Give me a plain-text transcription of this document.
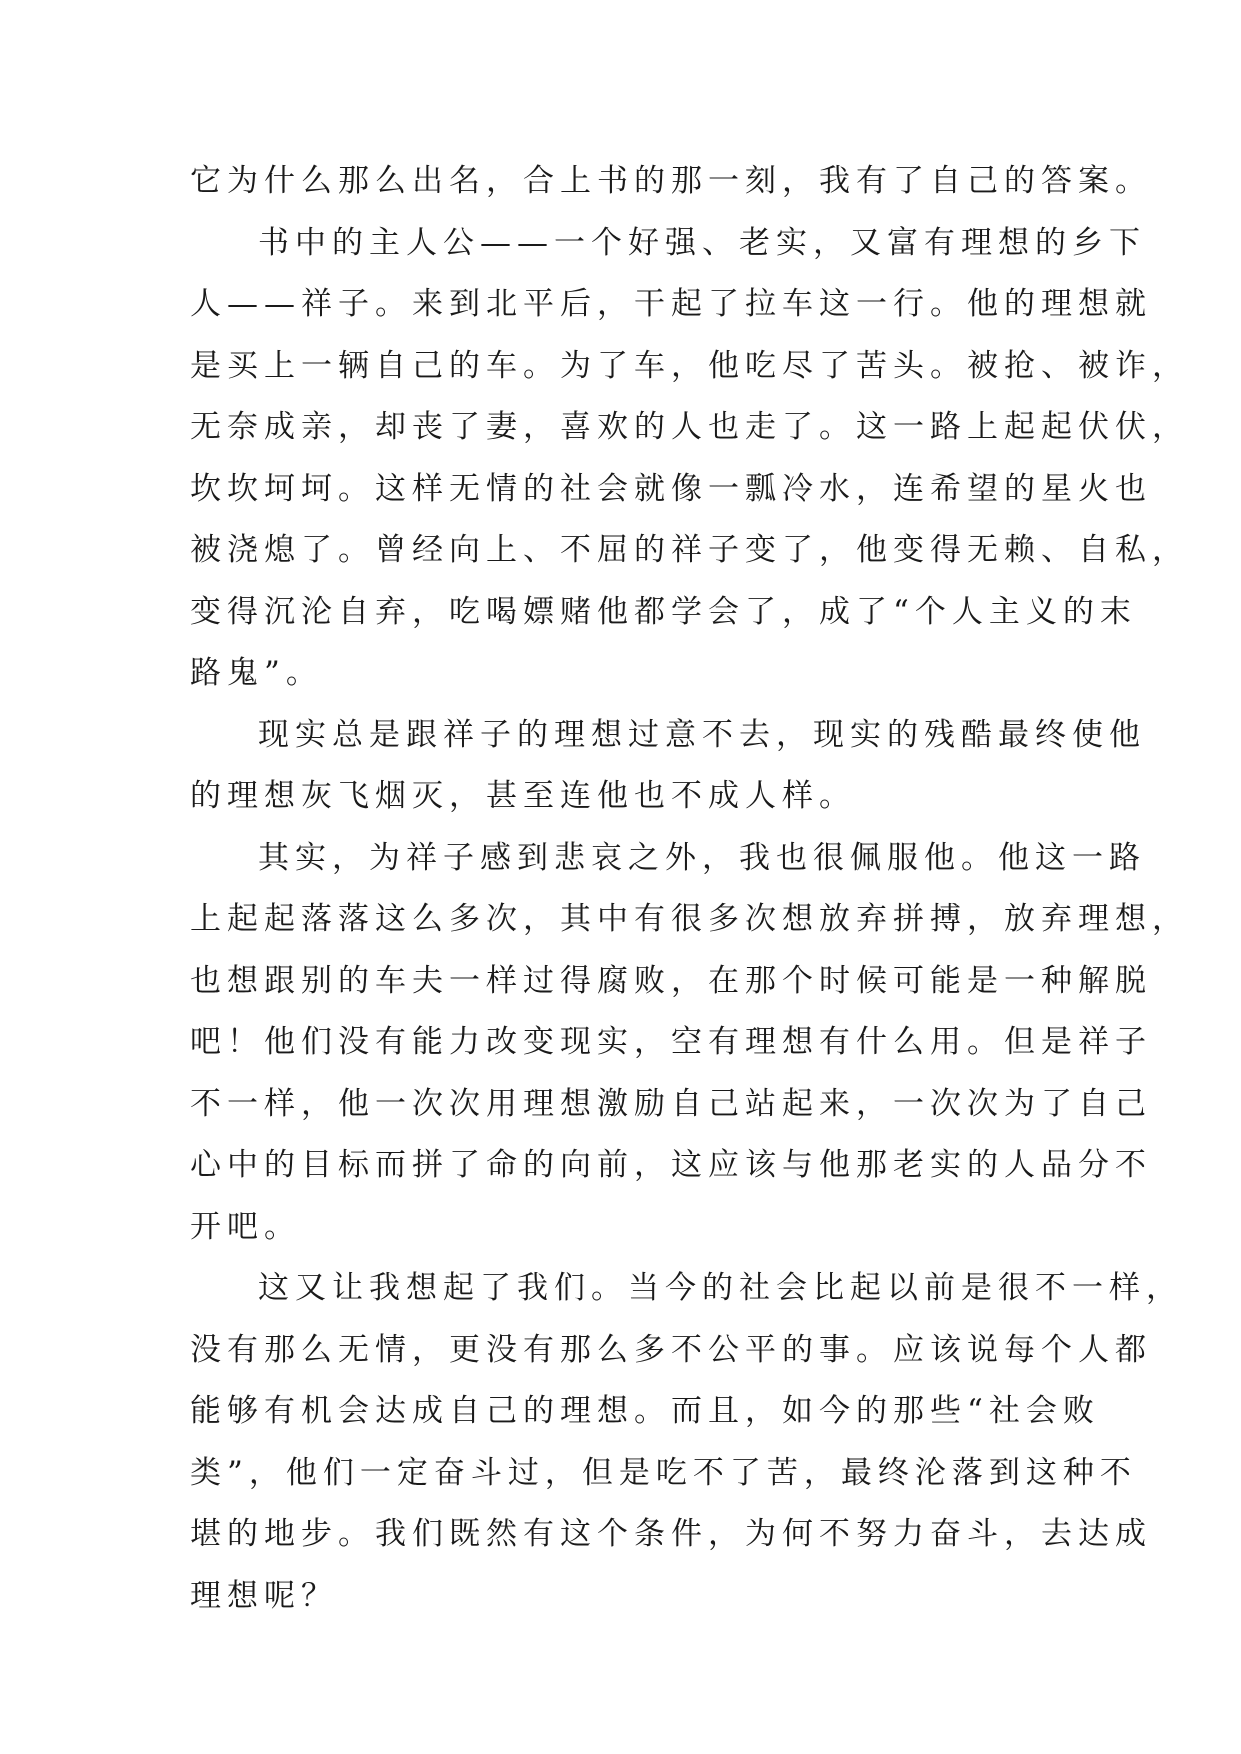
它为什么那么出名，合上书的那一刻，我有了自己的答案。
书中的主人公——一个好强、老实，又富有理想的乡下
人——祥子。来到北平后，干起了拉车这一行。他的理想就
是买上一辆自己的车。为了车，他吃尽了苦头。被抢、被诈，
无奈成亲，却丧了妻，喜欢的人也走了。这一路上起起伏伏，
坎坎坷坷。这样无情的社会就像一瓢冷水，连希望的星火也
被浇熄了。曾经向上、不屈的祥子变了，他变得无赖、自私，
变得沉沦自弃，吃喝嫖赌他都学会了，成了“个人主义的末
路鬼”。
现实总是跟祥子的理想过意不去，现实的残酷最终使他
的理想灰飞烟灭，甚至连他也不成人样。
其实，为祥子感到悲哀之外，我也很佩服他。他这一路
上起起落落这么多次，其中有很多次想放弃拼搏，放弃理想，
也想跟别的车夫一样过得腐败，在那个时候可能是一种解脱
吧！他们没有能力改变现实，空有理想有什么用。但是祥子
不一样，他一次次用理想激励自己站起来，一次次为了自己
心中的目标而拼了命的向前，这应该与他那老实的人品分不
开吧。
这又让我想起了我们。当今的社会比起以前是很不一样，
没有那么无情，更没有那么多不公平的事。应该说每个人都
能够有机会达成自己的理想。而且，如今的那些“社会败
类”，他们一定奋斗过，但是吃不了苦，最终沦落到这种不
堪的地步。我们既然有这个条件，为何不努力奋斗，去达成
理想呢？
